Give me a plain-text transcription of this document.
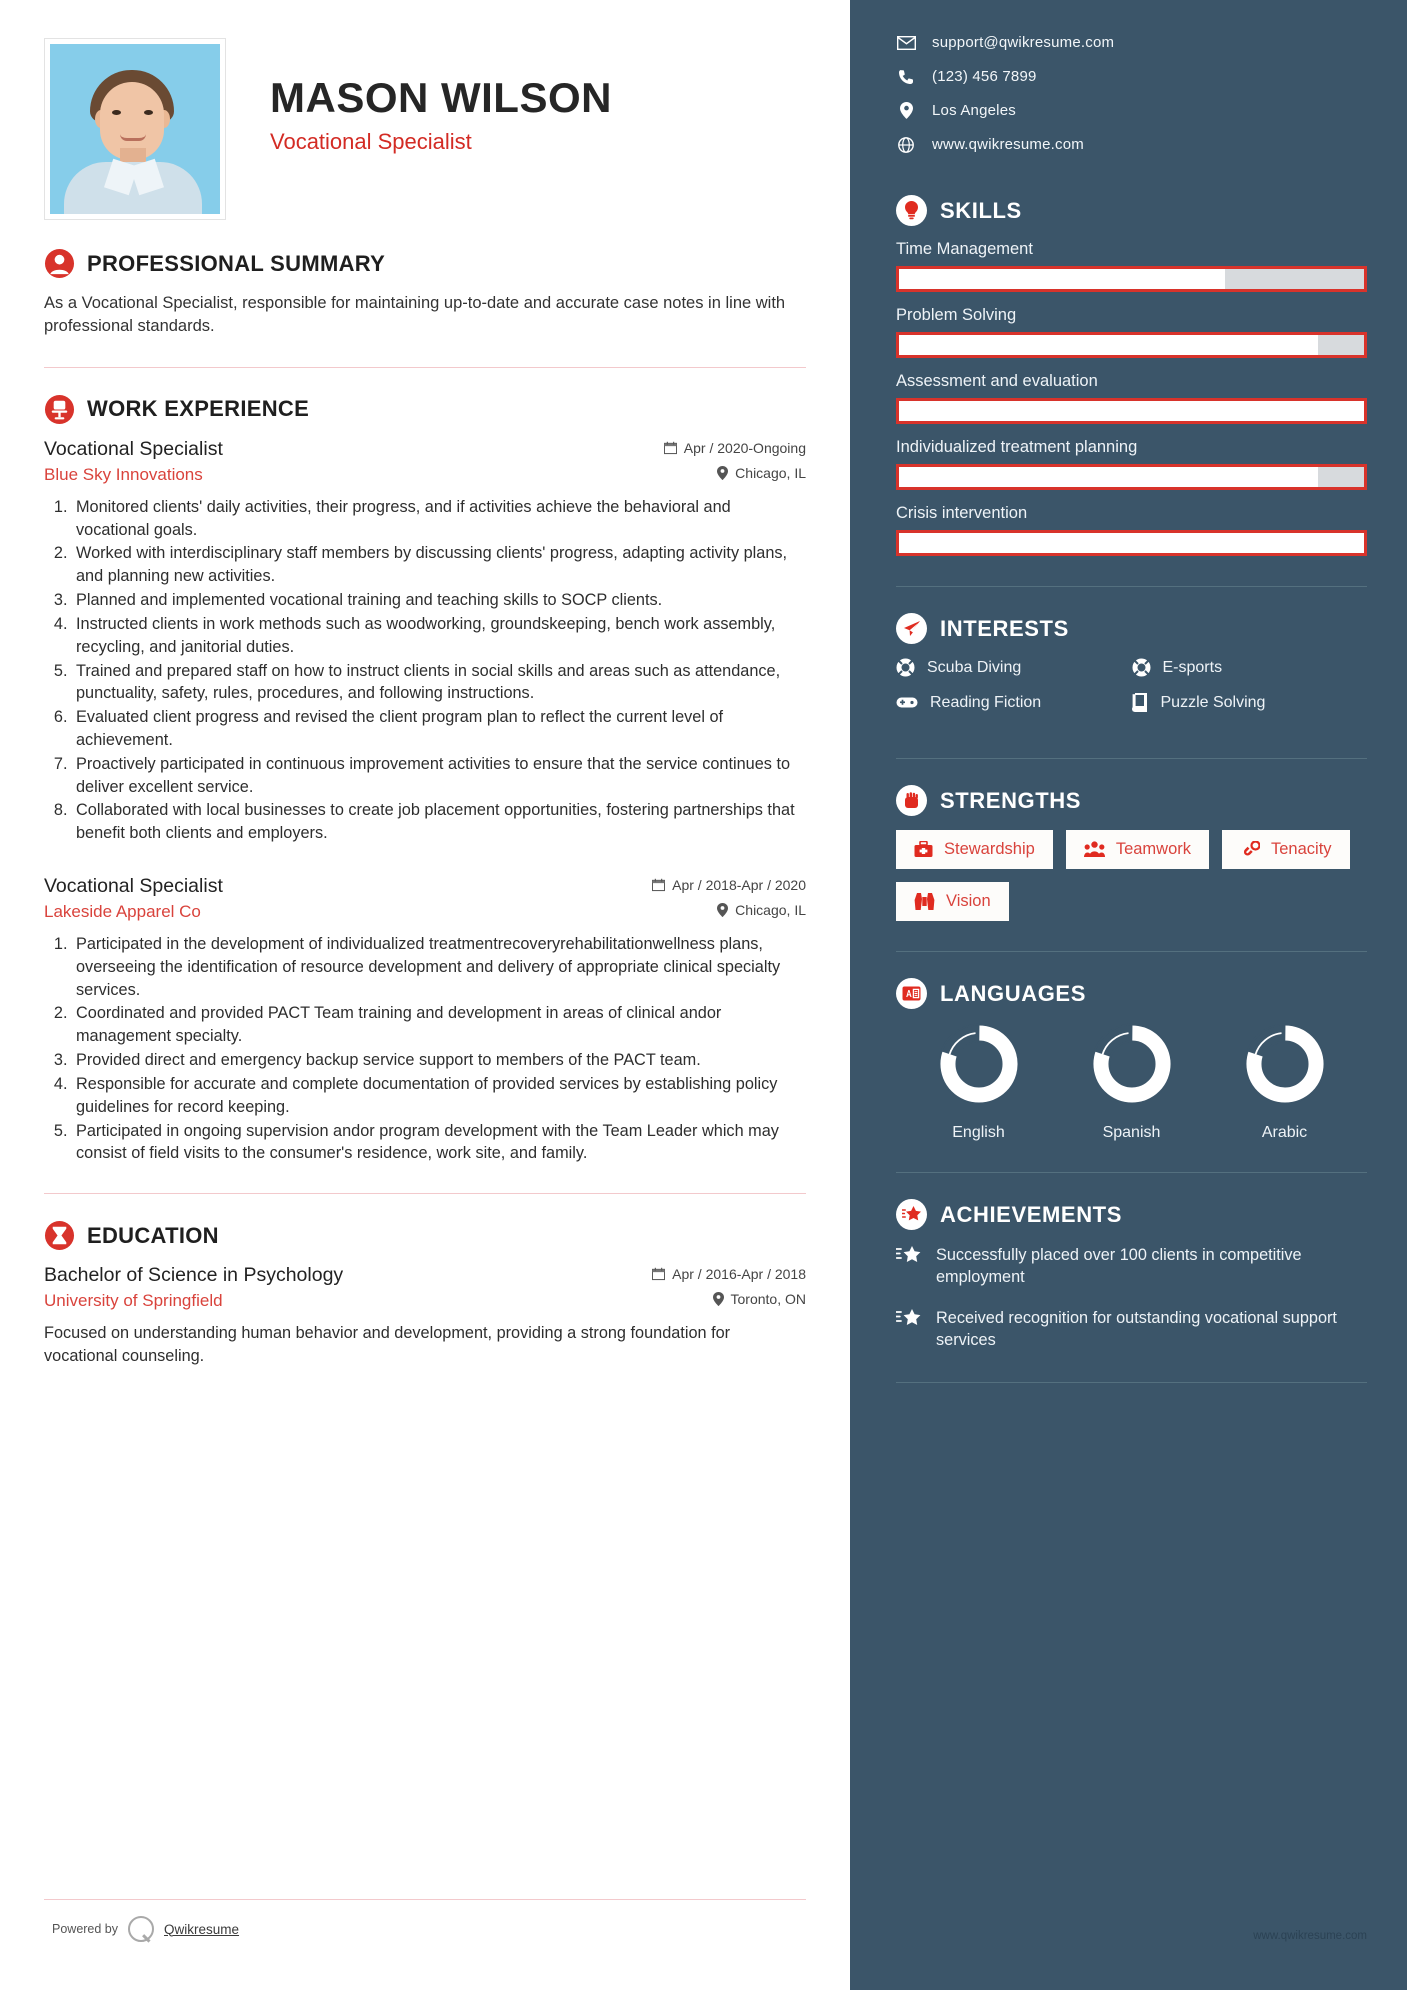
MASON WILSON
Vocational Specialist
PROFESSIONAL SUMMARY
As a Vocational Specialist, responsible for maintaining up-to-date and accurate case notes in line with professional standards.
WORK EXPERIENCE
Vocational Specialist	Apr / 2020-Ongoing
Blue Sky Innovations	Chicago, IL
1. Monitored clients' daily activities, their progress, and if activities achieve the behavioral and vocational goals.
2. Worked with interdisciplinary staff members by discussing clients' progress, adapting activity plans, and planning new activities.
3. Planned and implemented vocational training and teaching skills to SOCP clients.
4. Instructed clients in work methods such as woodworking, groundskeeping, bench work assembly, recycling, and janitorial duties.
5. Trained and prepared staff on how to instruct clients in social skills and areas such as attendance, punctuality, safety, rules, procedures, and following instructions.
6. Evaluated client progress and revised the client program plan to reflect the current level of achievement.
7. Proactively participated in continuous improvement activities to ensure that the service continues to deliver excellent service.
8. Collaborated with local businesses to create job placement opportunities, fostering partnerships that benefit both clients and employers.
Vocational Specialist	Apr / 2018-Apr / 2020
Lakeside Apparel Co	Chicago, IL
1. Participated in the development of individualized treatmentrecoveryrehabilitationwellness plans, overseeing the identification of resource development and delivery of appropriate clinical specialty services.
2. Coordinated and provided PACT Team training and development in areas of clinical andor management specialty.
3. Provided direct and emergency backup service support to members of the PACT team.
4. Responsible for accurate and complete documentation of provided services by establishing policy guidelines for record keeping.
5. Participated in ongoing supervision andor program development with the Team Leader which may consist of field visits to the consumer's residence, work site, and family.
EDUCATION
Bachelor of Science in Psychology	Apr / 2016-Apr / 2018
University of Springfield	Toronto, ON
Focused on understanding human behavior and development, providing a strong foundation for vocational counseling.
Powered by	Qwikresume
support@qwikresume.com
(123) 456 7899
Los Angeles
www.qwikresume.com
SKILLS
Time Management
Problem Solving
Assessment and evaluation
Individualized treatment planning
Crisis intervention
INTERESTS
Scuba Diving	E-sports
Reading Fiction	Puzzle Solving
STRENGTHS
Stewardship	Teamwork	Tenacity
Vision
LANGUAGES
English	Spanish	Arabic
ACHIEVEMENTS
Successfully placed over 100 clients in competitive employment
Received recognition for outstanding vocational support services
www.qwikresume.com
